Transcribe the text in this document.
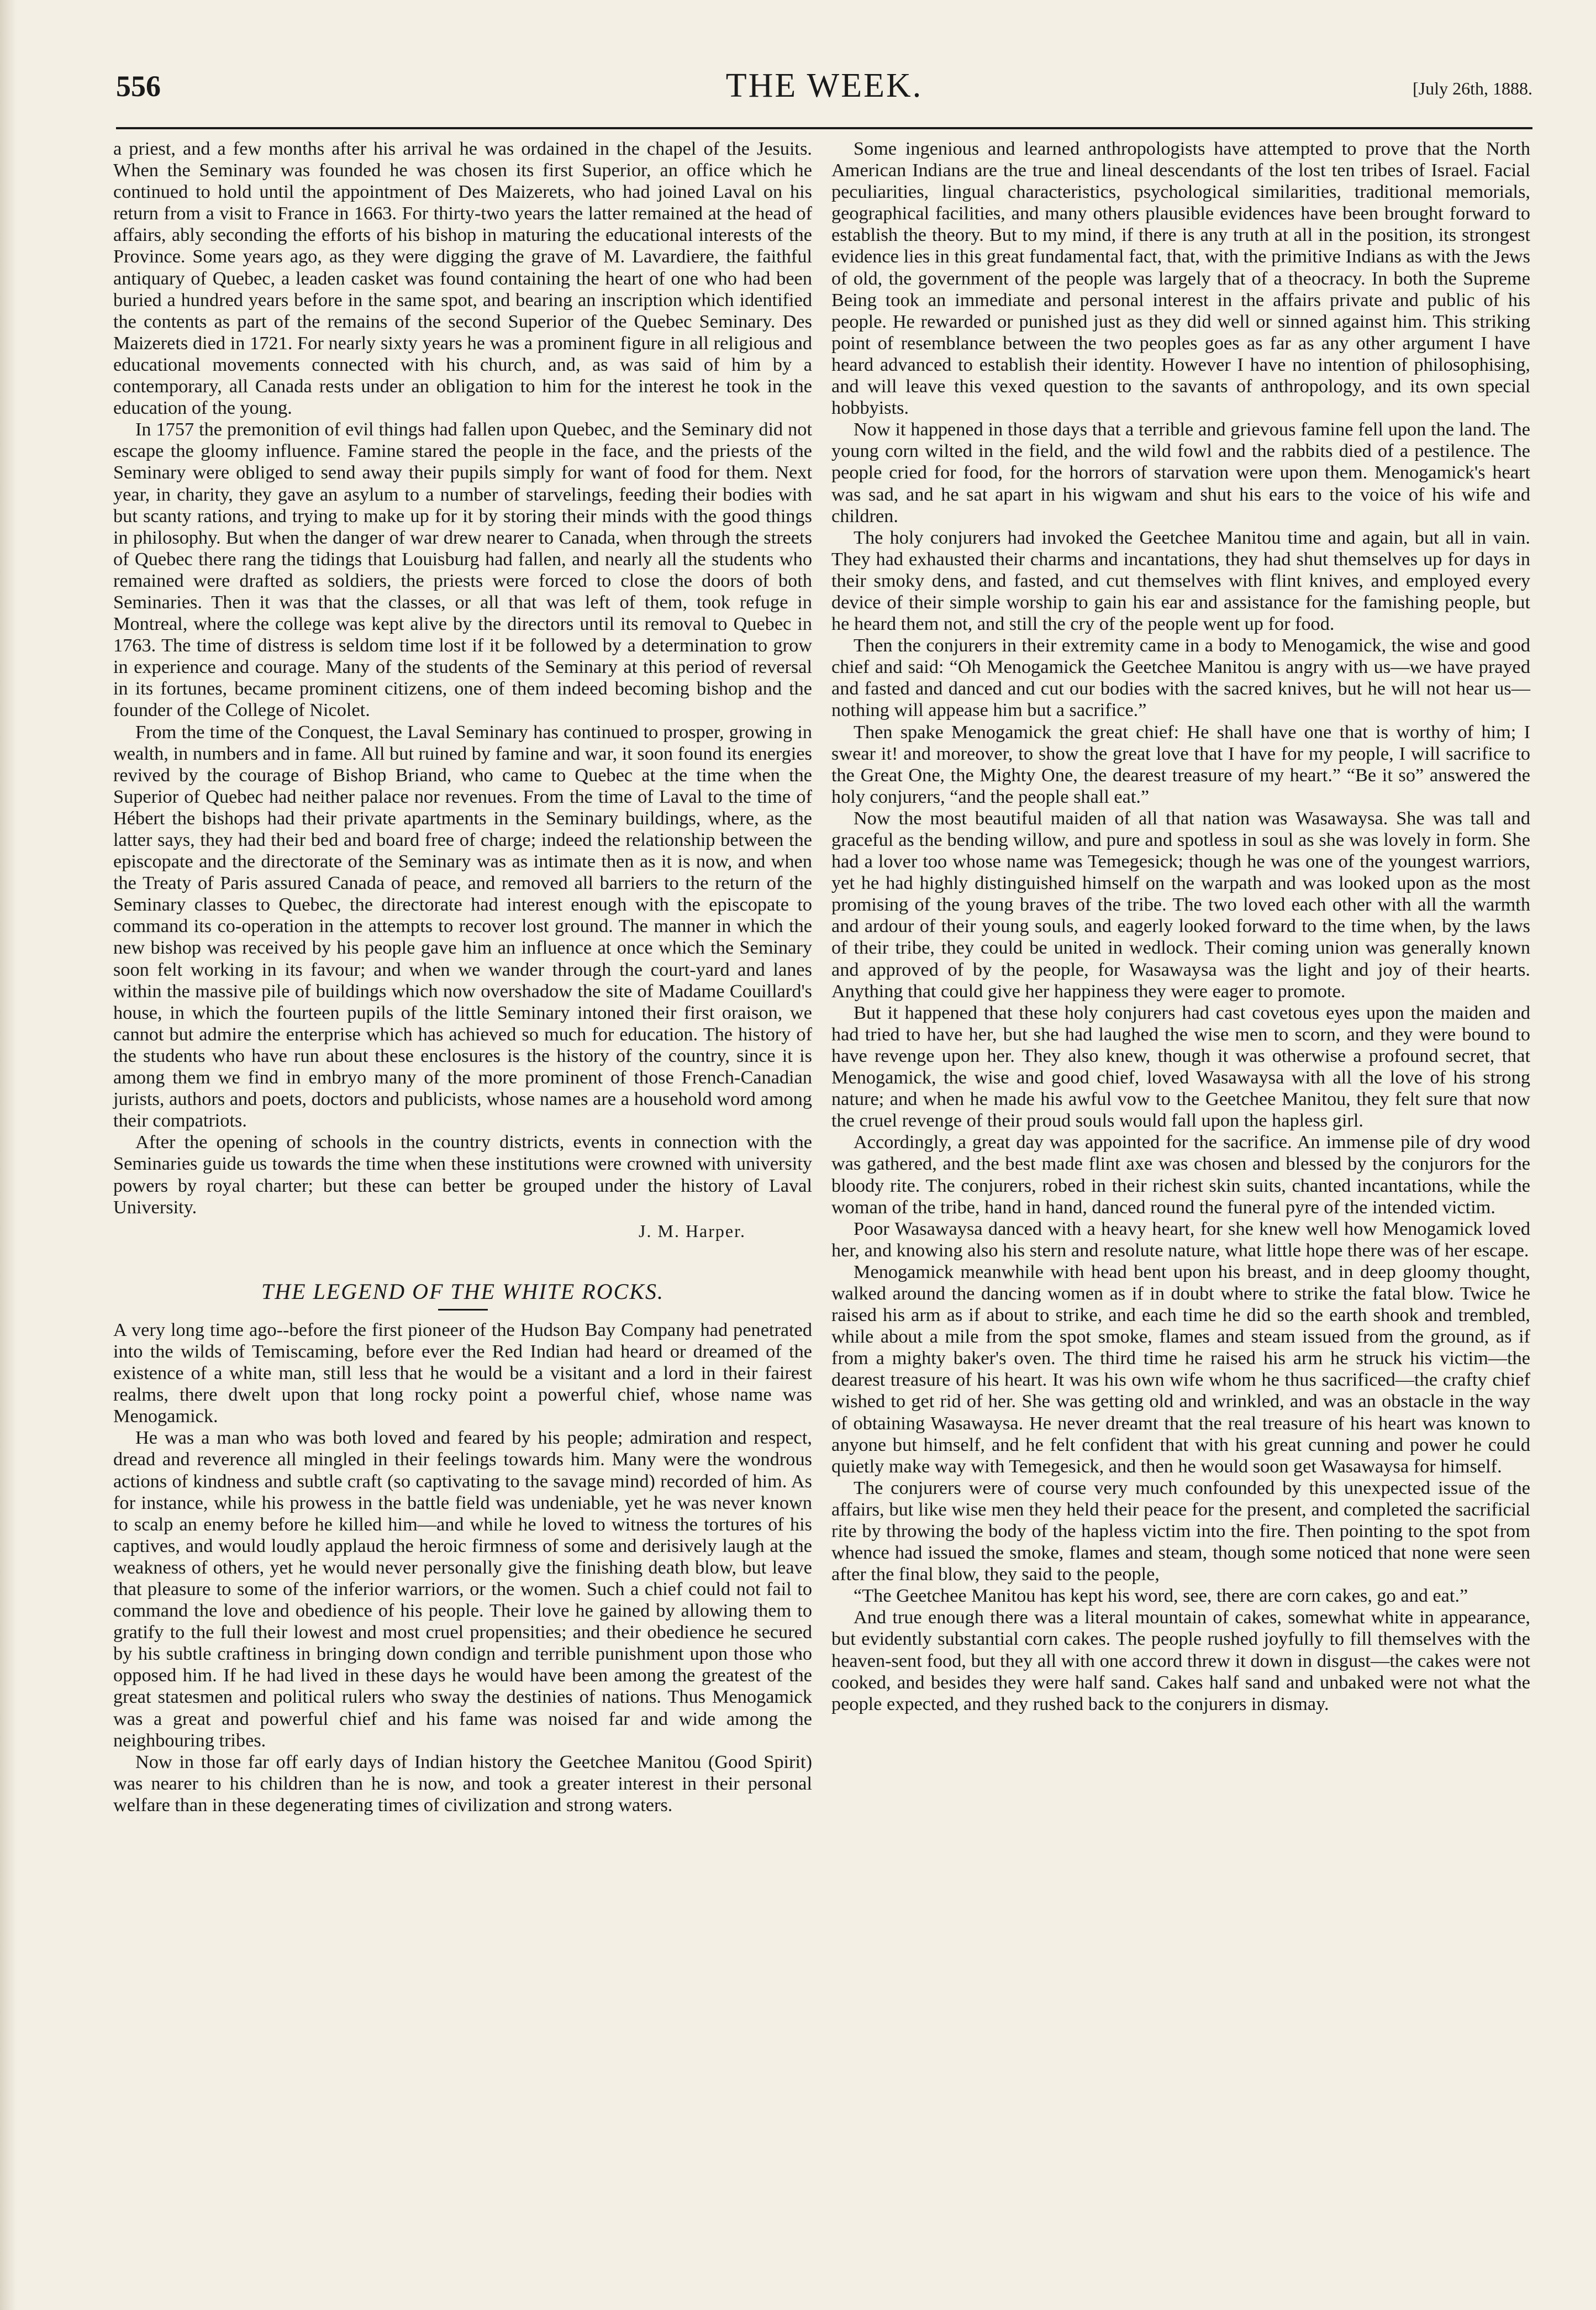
556	THE WEEK.	[July 26th, 1888.

a priest, and a few months after his arrival he was ordained in the chapel of the Jesuits. When the Seminary was founded he was chosen its first Superior, an office which he continued to hold until the appointment of Des Maizerets, who had joined Laval on his return from a visit to France in 1663. For thirty-two years the latter remained at the head of affairs, ably seconding the efforts of his bishop in maturing the educational interests of the Province. Some years ago, as they were digging the grave of M. Lavardiere, the faithful antiquary of Quebec, a leaden casket was found containing the heart of one who had been buried a hundred years before in the same spot, and bearing an inscription which identified the contents as part of the remains of the second Superior of the Quebec Seminary. Des Maizerets died in 1721. For nearly sixty years he was a prominent figure in all religious and educational movements connected with his church, and, as was said of him by a contemporary, all Canada rests under an obligation to him for the interest he took in the education of the young.

In 1757 the premonition of evil things had fallen upon Quebec, and the Seminary did not escape the gloomy influence. Famine stared the people in the face, and the priests of the Seminary were obliged to send away their pupils simply for want of food for them. Next year, in charity, they gave an asylum to a number of starvelings, feeding their bodies with but scanty rations, and trying to make up for it by storing their minds with the good things in philosophy. But when the danger of war drew nearer to Canada, when through the streets of Quebec there rang the tidings that Louisburg had fallen, and nearly all the students who remained were drafted as soldiers, the priests were forced to close the doors of both Seminaries. Then it was that the classes, or all that was left of them, took refuge in Montreal, where the college was kept alive by the directors until its removal to Quebec in 1763. The time of distress is seldom time lost if it be followed by a determination to grow in experience and courage. Many of the students of the Seminary at this period of reversal in its fortunes, became prominent citizens, one of them indeed becoming bishop and the founder of the College of Nicolet.

From the time of the Conquest, the Laval Seminary has continued to prosper, growing in wealth, in numbers and in fame. All but ruined by famine and war, it soon found its energies revived by the courage of Bishop Briand, who came to Quebec at the time when the Superior of Quebec had neither palace nor revenues. From the time of Laval to the time of Hébert the bishops had their private apartments in the Seminary buildings, where, as the latter says, they had their bed and board free of charge; indeed the relationship between the episcopate and the directorate of the Seminary was as intimate then as it is now, and when the Treaty of Paris assured Canada of peace, and removed all barriers to the return of the Seminary classes to Quebec, the directorate had interest enough with the episcopate to command its co-operation in the attempts to recover lost ground. The manner in which the new bishop was received by his people gave him an influence at once which the Seminary soon felt working in its favour; and when we wander through the court-yard and lanes within the massive pile of buildings which now overshadow the site of Madame Couillard's house, in which the fourteen pupils of the little Seminary intoned their first oraison, we cannot but admire the enterprise which has achieved so much for education. The history of the students who have run about these enclosures is the history of the country, since it is among them we find in embryo many of the more prominent of those French-Canadian jurists, authors and poets, doctors and publicists, whose names are a household word among their compatriots.

After the opening of schools in the country districts, events in connection with the Seminaries guide us towards the time when these institutions were crowned with university powers by royal charter; but these can better be grouped under the history of Laval University.

J. M. Harper.
THE LEGEND OF THE WHITE ROCKS.

A very long time ago--before the first pioneer of the Hudson Bay Company had penetrated into the wilds of Temiscaming, before ever the Red Indian had heard or dreamed of the existence of a white man, still less that he would be a visitant and a lord in their fairest realms, there dwelt upon that long rocky point a powerful chief, whose name was Menogamick.

He was a man who was both loved and feared by his people; admiration and respect, dread and reverence all mingled in their feelings towards him. Many were the wondrous actions of kindness and subtle craft (so captivating to the savage mind) recorded of him. As for instance, while his prowess in the battle field was undeniable, yet he was never known to scalp an enemy before he killed him—and while he loved to witness the tortures of his captives, and would loudly applaud the heroic firmness of some and derisively laugh at the weakness of others, yet he would never personally give the finishing death blow, but leave that pleasure to some of the inferior warriors, or the women. Such a chief could not fail to command the love and obedience of his people. Their love he gained by allowing them to gratify to the full their lowest and most cruel propensities; and their obedience he secured by his subtle craftiness in bringing down condign and terrible punishment upon those who opposed him. If he had lived in these days he would have been among the greatest of the great statesmen and political rulers who sway the destinies of nations. Thus Menogamick was a great and powerful chief and his fame was noised far and wide among the neighbouring tribes.

Now in those far off early days of Indian history the Geetchee Manitou (Good Spirit) was nearer to his children than he is now, and took a greater interest in their personal welfare than in these degenerating times of civilization and strong waters.

Some ingenious and learned anthropologists have attempted to prove that the North American Indians are the true and lineal descendants of the lost ten tribes of Israel. Facial peculiarities, lingual characteristics, psychological similarities, traditional memorials, geographical facilities, and many others plausible evidences have been brought forward to establish the theory. But to my mind, if there is any truth at all in the position, its strongest evidence lies in this great fundamental fact, that, with the primitive Indians as with the Jews of old, the government of the people was largely that of a theocracy. In both the Supreme Being took an immediate and personal interest in the affairs private and public of his people. He rewarded or punished just as they did well or sinned against him. This striking point of resemblance between the two peoples goes as far as any other argument I have heard advanced to establish their identity. However I have no intention of philosophising, and will leave this vexed question to the savants of anthropology, and its own special hobbyists.

Now it happened in those days that a terrible and grievous famine fell upon the land. The young corn wilted in the field, and the wild fowl and the rabbits died of a pestilence. The people cried for food, for the horrors of starvation were upon them. Menogamick's heart was sad, and he sat apart in his wigwam and shut his ears to the voice of his wife and children.

The holy conjurers had invoked the Geetchee Manitou time and again, but all in vain. They had exhausted their charms and incantations, they had shut themselves up for days in their smoky dens, and fasted, and cut themselves with flint knives, and employed every device of their simple worship to gain his ear and assistance for the famishing people, but he heard them not, and still the cry of the people went up for food.

Then the conjurers in their extremity came in a body to Menogamick, the wise and good chief and said: “Oh Menogamick the Geetchee Manitou is angry with us—we have prayed and fasted and danced and cut our bodies with the sacred knives, but he will not hear us—nothing will appease him but a sacrifice.”

Then spake Menogamick the great chief: He shall have one that is worthy of him; I swear it! and moreover, to show the great love that I have for my people, I will sacrifice to the Great One, the Mighty One, the dearest treasure of my heart.” “Be it so” answered the holy conjurers, “and the people shall eat.”

Now the most beautiful maiden of all that nation was Wasawaysa. She was tall and graceful as the bending willow, and pure and spotless in soul as she was lovely in form. She had a lover too whose name was Temegesick; though he was one of the youngest warriors, yet he had highly distinguished himself on the warpath and was looked upon as the most promising of the young braves of the tribe. The two loved each other with all the warmth and ardour of their young souls, and eagerly looked forward to the time when, by the laws of their tribe, they could be united in wedlock. Their coming union was generally known and approved of by the people, for Wasawaysa was the light and joy of their hearts. Anything that could give her happiness they were eager to promote.

But it happened that these holy conjurers had cast covetous eyes upon the maiden and had tried to have her, but she had laughed the wise men to scorn, and they were bound to have revenge upon her. They also knew, though it was otherwise a profound secret, that Menogamick, the wise and good chief, loved Wasawaysa with all the love of his strong nature; and when he made his awful vow to the Geetchee Manitou, they felt sure that now the cruel revenge of their proud souls would fall upon the hapless girl.

Accordingly, a great day was appointed for the sacrifice. An immense pile of dry wood was gathered, and the best made flint axe was chosen and blessed by the conjurors for the bloody rite. The conjurers, robed in their richest skin suits, chanted incantations, while the woman of the tribe, hand in hand, danced round the funeral pyre of the intended victim.

Poor Wasawaysa danced with a heavy heart, for she knew well how Menogamick loved her, and knowing also his stern and resolute nature, what little hope there was of her escape.

Menogamick meanwhile with head bent upon his breast, and in deep gloomy thought, walked around the dancing women as if in doubt where to strike the fatal blow. Twice he raised his arm as if about to strike, and each time he did so the earth shook and trembled, while about a mile from the spot smoke, flames and steam issued from the ground, as if from a mighty baker's oven. The third time he raised his arm he struck his victim—the dearest treasure of his heart. It was his own wife whom he thus sacrificed—the crafty chief wished to get rid of her. She was getting old and wrinkled, and was an obstacle in the way of obtaining Wasawaysa. He never dreamt that the real treasure of his heart was known to anyone but himself, and he felt confident that with his great cunning and power he could quietly make way with Temegesick, and then he would soon get Wasawaysa for himself.

The conjurers were of course very much confounded by this unexpected issue of the affairs, but like wise men they held their peace for the present, and completed the sacrificial rite by throwing the body of the hapless victim into the fire. Then pointing to the spot from whence had issued the smoke, flames and steam, though some noticed that none were seen after the final blow, they said to the people,

“The Geetchee Manitou has kept his word, see, there are corn cakes, go and eat.”

And true enough there was a literal mountain of cakes, somewhat white in appearance, but evidently substantial corn cakes. The people rushed joyfully to fill themselves with the heaven-sent food, but they all with one accord threw it down in disgust—the cakes were not cooked, and besides they were half sand. Cakes half sand and unbaked were not what the people expected, and they rushed back to the conjurers in dismay.
